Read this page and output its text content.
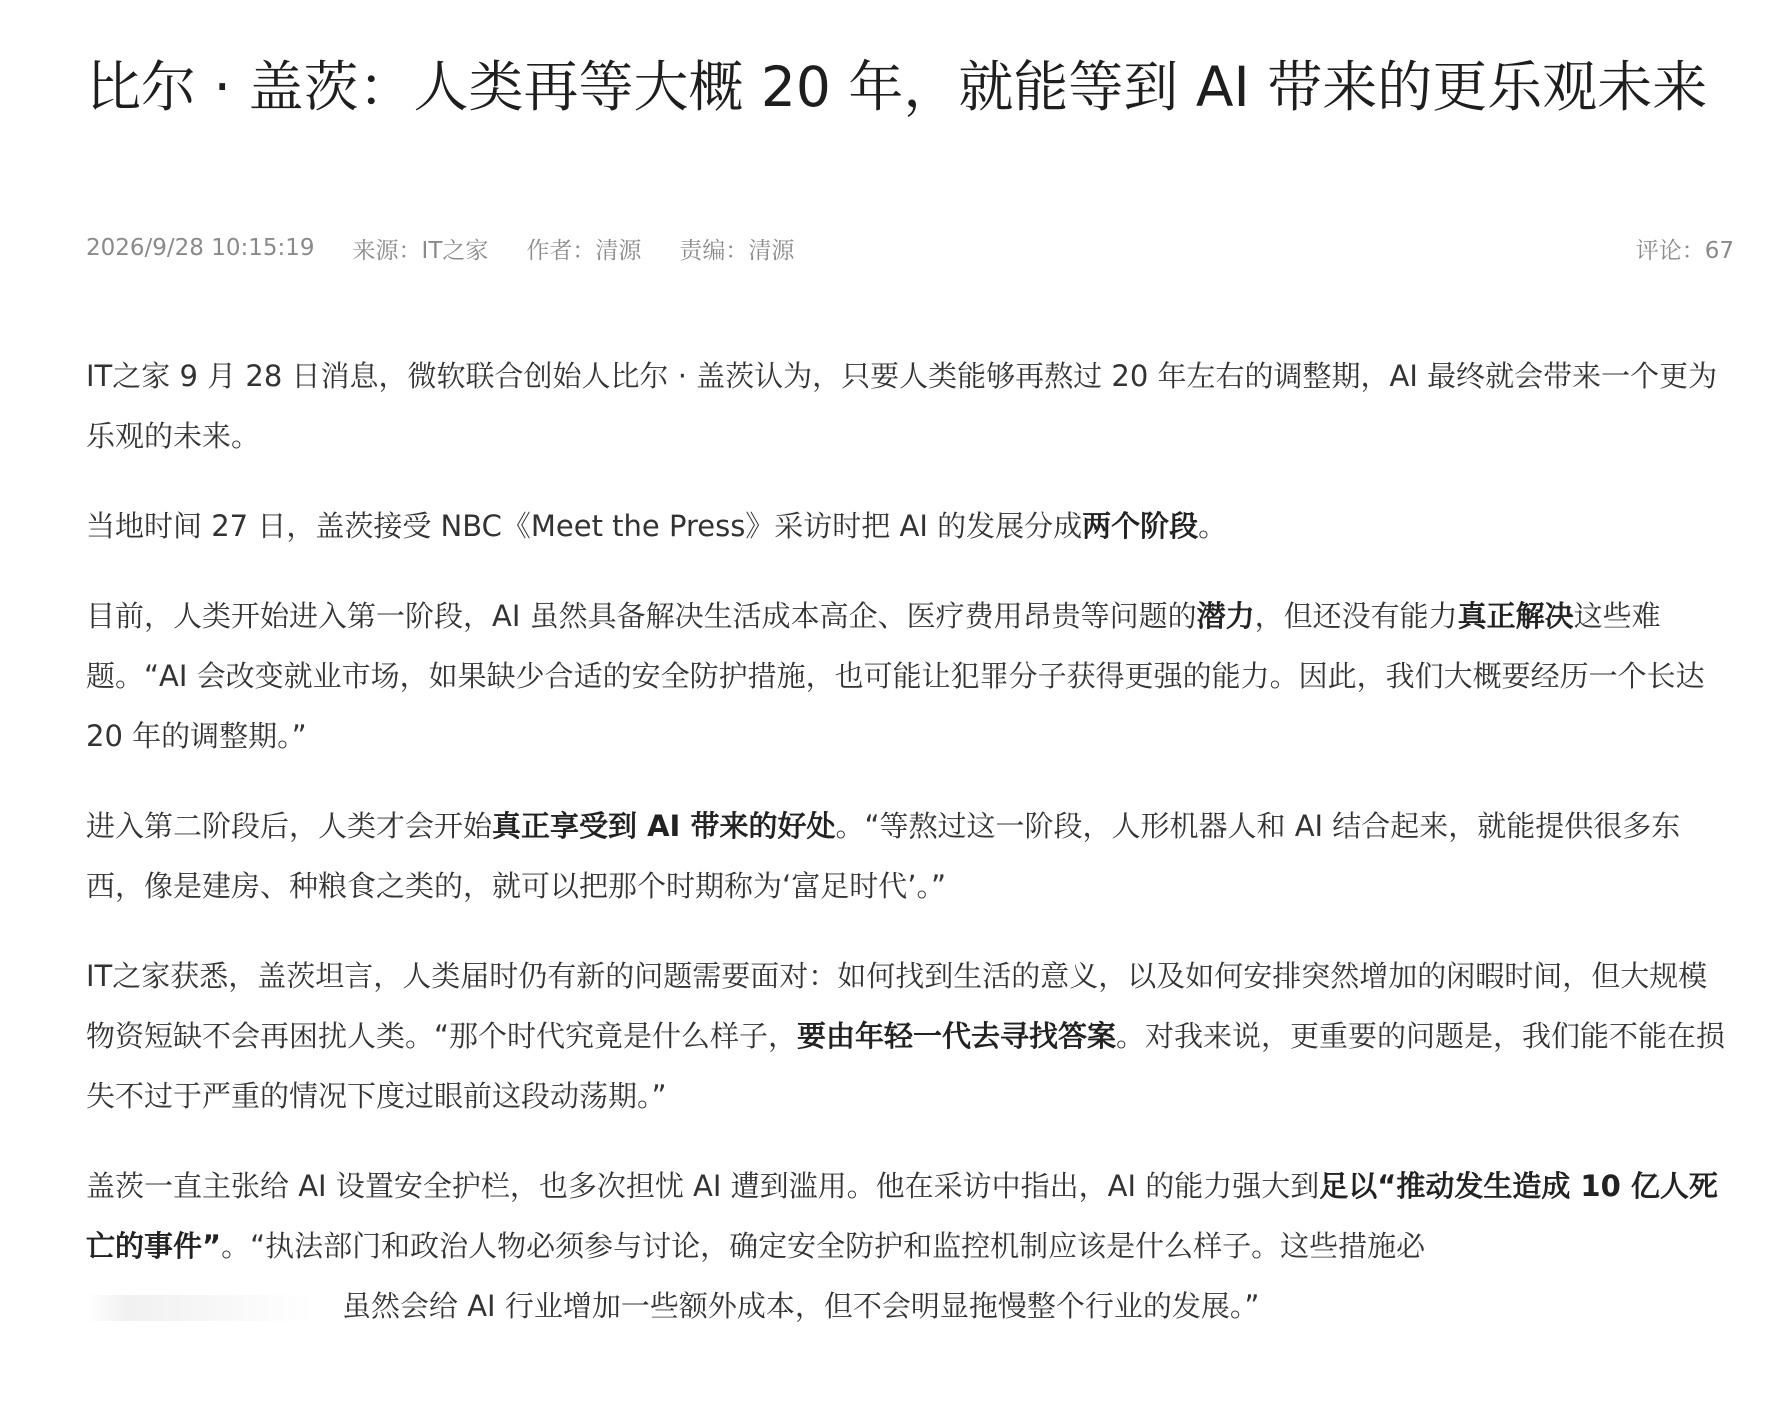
比尔 · 盖茨：人类再等大概 20 年，就能等到 AI 带来的更乐观未来
2026/9/28 10:15:19 来源：IT之家 作者：清源 责编：清源	评论：67

IT之家 9 月 28 日消息，微软联合创始人比尔 · 盖茨认为，只要人类能够再熬过 20 年左右的调整期，AI 最终就会带来一个更为乐观的未来。

当地时间 27 日，盖茨接受 NBC《Meet the Press》采访时把 AI 的发展分成两个阶段。

目前，人类开始进入第一阶段，AI 虽然具备解决生活成本高企、医疗费用昂贵等问题的潜力，但还没有能力真正解决这些难题。“AI 会改变就业市场，如果缺少合适的安全防护措施，也可能让犯罪分子获得更强的能力。因此，我们大概要经历一个长达 20 年的调整期。”

进入第二阶段后，人类才会开始真正享受到 AI 带来的好处。“等熬过这一阶段，人形机器人和 AI 结合起来，就能提供很多东西，像是建房、种粮食之类的，就可以把那个时期称为‘富足时代’。”

IT之家获悉，盖茨坦言，人类届时仍有新的问题需要面对：如何找到生活的意义，以及如何安排突然增加的闲暇时间，但大规模物资短缺不会再困扰人类。“那个时代究竟是什么样子，要由年轻一代去寻找答案。对我来说，更重要的问题是，我们能不能在损失不过于严重的情况下度过眼前这段动荡期。”

盖茨一直主张给 AI 设置安全护栏，也多次担忧 AI 遭到滥用。他在采访中指出，AI 的能力强大到足以“推动发生造成 10 亿人死亡的事件”。“执法部门和政治人物必须参与讨论，确定安全防护和监控机制应该是什么样子。这些措施必
虽然会给 AI 行业增加一些额外成本，但不会明显拖慢整个行业的发展。”
